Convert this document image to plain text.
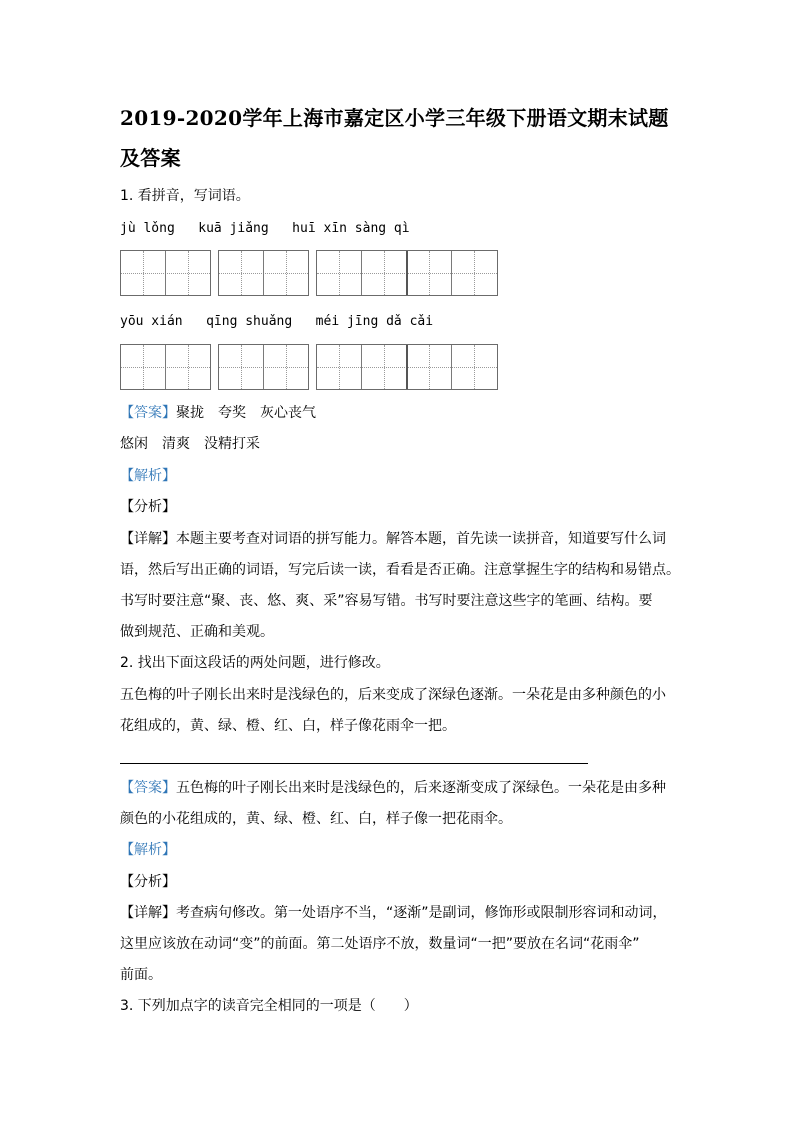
2019-2020学年上海市嘉定区小学三年级下册语文期末试题
及答案
1. 看拼音，写词语。
jù lǒng   kuā jiǎng   huī xīn sàng qì
yōu xián   qīng shuǎng   méi jīng dǎ cǎi
【答案】聚拢　夸奖　灰心丧气
悠闲　清爽　没精打采
【解析】
【分析】
【详解】本题主要考查对词语的拼写能力。解答本题，首先读一读拼音，知道要写什么词
语，然后写出正确的词语，写完后读一读，看看是否正确。注意掌握生字的结构和易错点。
书写时要注意“聚、丧、悠、爽、采”容易写错。书写时要注意这些字的笔画、结构。要
做到规范、正确和美观。
2. 找出下面这段话的两处问题，进行修改。
五色梅的叶子刚长出来时是浅绿色的，后来变成了深绿色逐渐。一朵花是由多种颜色的小
花组成的，黄、绿、橙、红、白，样子像花雨伞一把。
【答案】五色梅的叶子刚长出来时是浅绿色的，后来逐渐变成了深绿色。一朵花是由多种
颜色的小花组成的，黄、绿、橙、红、白，样子像一把花雨伞。
【解析】
【分析】
【详解】考查病句修改。第一处语序不当，“逐渐”是副词，修饰形或限制形容词和动词，
这里应该放在动词“变”的前面。第二处语序不放，数量词“一把”要放在名词“花雨伞”
前面。
3. 下列加点字的读音完全相同的一项是（　　）
